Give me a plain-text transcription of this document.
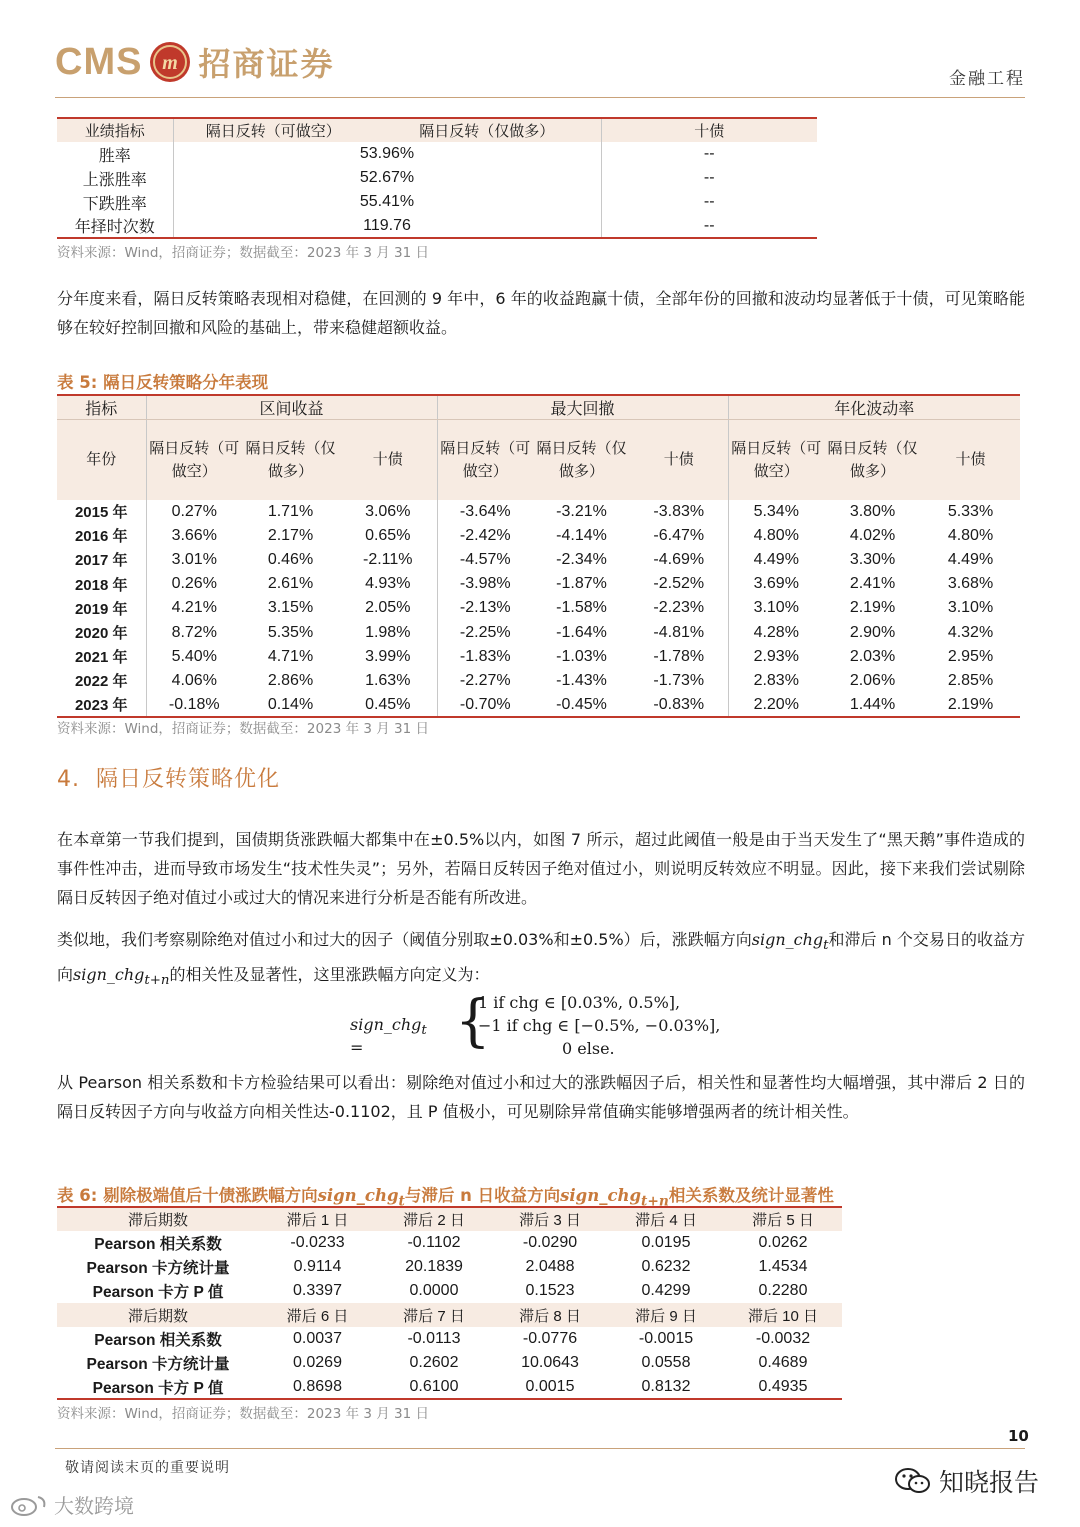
CMS m 招商证券	金融工程
业绩指标	隔日反转（可做空）	隔日反转（仅做多）	十债
胜率	53.96%		--
上涨胜率	52.67%		--
下跌胜率	55.41%		--
年择时次数	119.76		--
资料来源：Wind，招商证券；数据截至：2023 年 3 月 31 日
分年度来看，隔日反转策略表现相对稳健，在回测的 9 年中，6 年的收益跑赢十债，全部年份的回撤和波动均显著低于十债，可见策略能够在较好控制回撤和风险的基础上，带来稳健超额收益。
表 5: 隔日反转策略分年表现
指标	区间收益			最大回撤			年化波动率		
年份	隔日反转（可做空）	隔日反转（仅做多）	十债	隔日反转（可做空）	隔日反转（仅做多）	十债	隔日反转（可做空）	隔日反转（仅做多）	十债
2015 年	0.27%	1.71%	3.06%	-3.64%	-3.21%	-3.83%	5.34%	3.80%	5.33%
2016 年	3.66%	2.17%	0.65%	-2.42%	-4.14%	-6.47%	4.80%	4.02%	4.80%
2017 年	3.01%	0.46%	-2.11%	-4.57%	-2.34%	-4.69%	4.49%	3.30%	4.49%
2018 年	0.26%	2.61%	4.93%	-3.98%	-1.87%	-2.52%	3.69%	2.41%	3.68%
2019 年	4.21%	3.15%	2.05%	-2.13%	-1.58%	-2.23%	3.10%	2.19%	3.10%
2020 年	8.72%	5.35%	1.98%	-2.25%	-1.64%	-4.81%	4.28%	2.90%	4.32%
2021 年	5.40%	4.71%	3.99%	-1.83%	-1.03%	-1.78%	2.93%	2.03%	2.95%
2022 年	4.06%	2.86%	1.63%	-2.27%	-1.43%	-1.73%	2.83%	2.06%	2.85%
2023 年	-0.18%	0.14%	0.45%	-0.70%	-0.45%	-0.83%	2.20%	1.44%	2.19%
资料来源：Wind，招商证券；数据截至：2023 年 3 月 31 日
4. 隔日反转策略优化
在本章第一节我们提到，国债期货涨跌幅大都集中在±0.5%以内，如图 7 所示，超过此阈值一般是由于当天发生了“黑天鹅”事件造成的事件性冲击，进而导致市场发生“技术性失灵”；另外，若隔日反转因子绝对值过小，则说明反转效应不明显。因此，接下来我们尝试剔除隔日反转因子绝对值过小或过大的情况来进行分析是否能有所改进。
类似地，我们考察剔除绝对值过小和过大的因子（阈值分别取±0.03%和±0.5%）后，涨跌幅方向sign_chg$_t$和滞后 n 个交易日的收益方向sign_chg$_{t+n}$的相关性及显著性，这里涨跌幅方向定义为：
sign_chg$_t$ =	{
1 if chg ∈ [0.03%, 0.5%],
−1 if chg ∈ [−0.5%, −0.03%],
0 else.
从 Pearson 相关系数和卡方检验结果可以看出：剔除绝对值过小和过大的涨跌幅因子后，相关性和显著性均大幅增强，其中滞后 2 日的隔日反转因子方向与收益方向相关性达-0.1102，且 P 值极小，可见剔除异常值确实能够增强两者的统计相关性。
表 6: 剔除极端值后十债涨跌幅方向sign_chg$_t$与滞后 n 日收益方向sign_chg$_{t+n}$相关系数及统计显著性
滞后期数	滞后 1 日	滞后 2 日	滞后 3 日	滞后 4 日	滞后 5 日
Pearson 相关系数	-0.0233	-0.1102	-0.0290	0.0195	0.0262
Pearson 卡方统计量	0.9114	20.1839	2.0488	0.6232	1.4534
Pearson 卡方 P 值	0.3397	0.0000	0.1523	0.4299	0.2280
滞后期数	滞后 6 日	滞后 7 日	滞后 8 日	滞后 9 日	滞后 10 日
Pearson 相关系数	0.0037	-0.0113	-0.0776	-0.0015	-0.0032
Pearson 卡方统计量	0.0269	0.2602	10.0643	0.0558	0.4689
Pearson 卡方 P 值	0.8698	0.6100	0.0015	0.8132	0.4935
资料来源：Wind，招商证券；数据截至：2023 年 3 月 31 日
10
敬请阅读末页的重要说明	知晓报告
大数跨境
